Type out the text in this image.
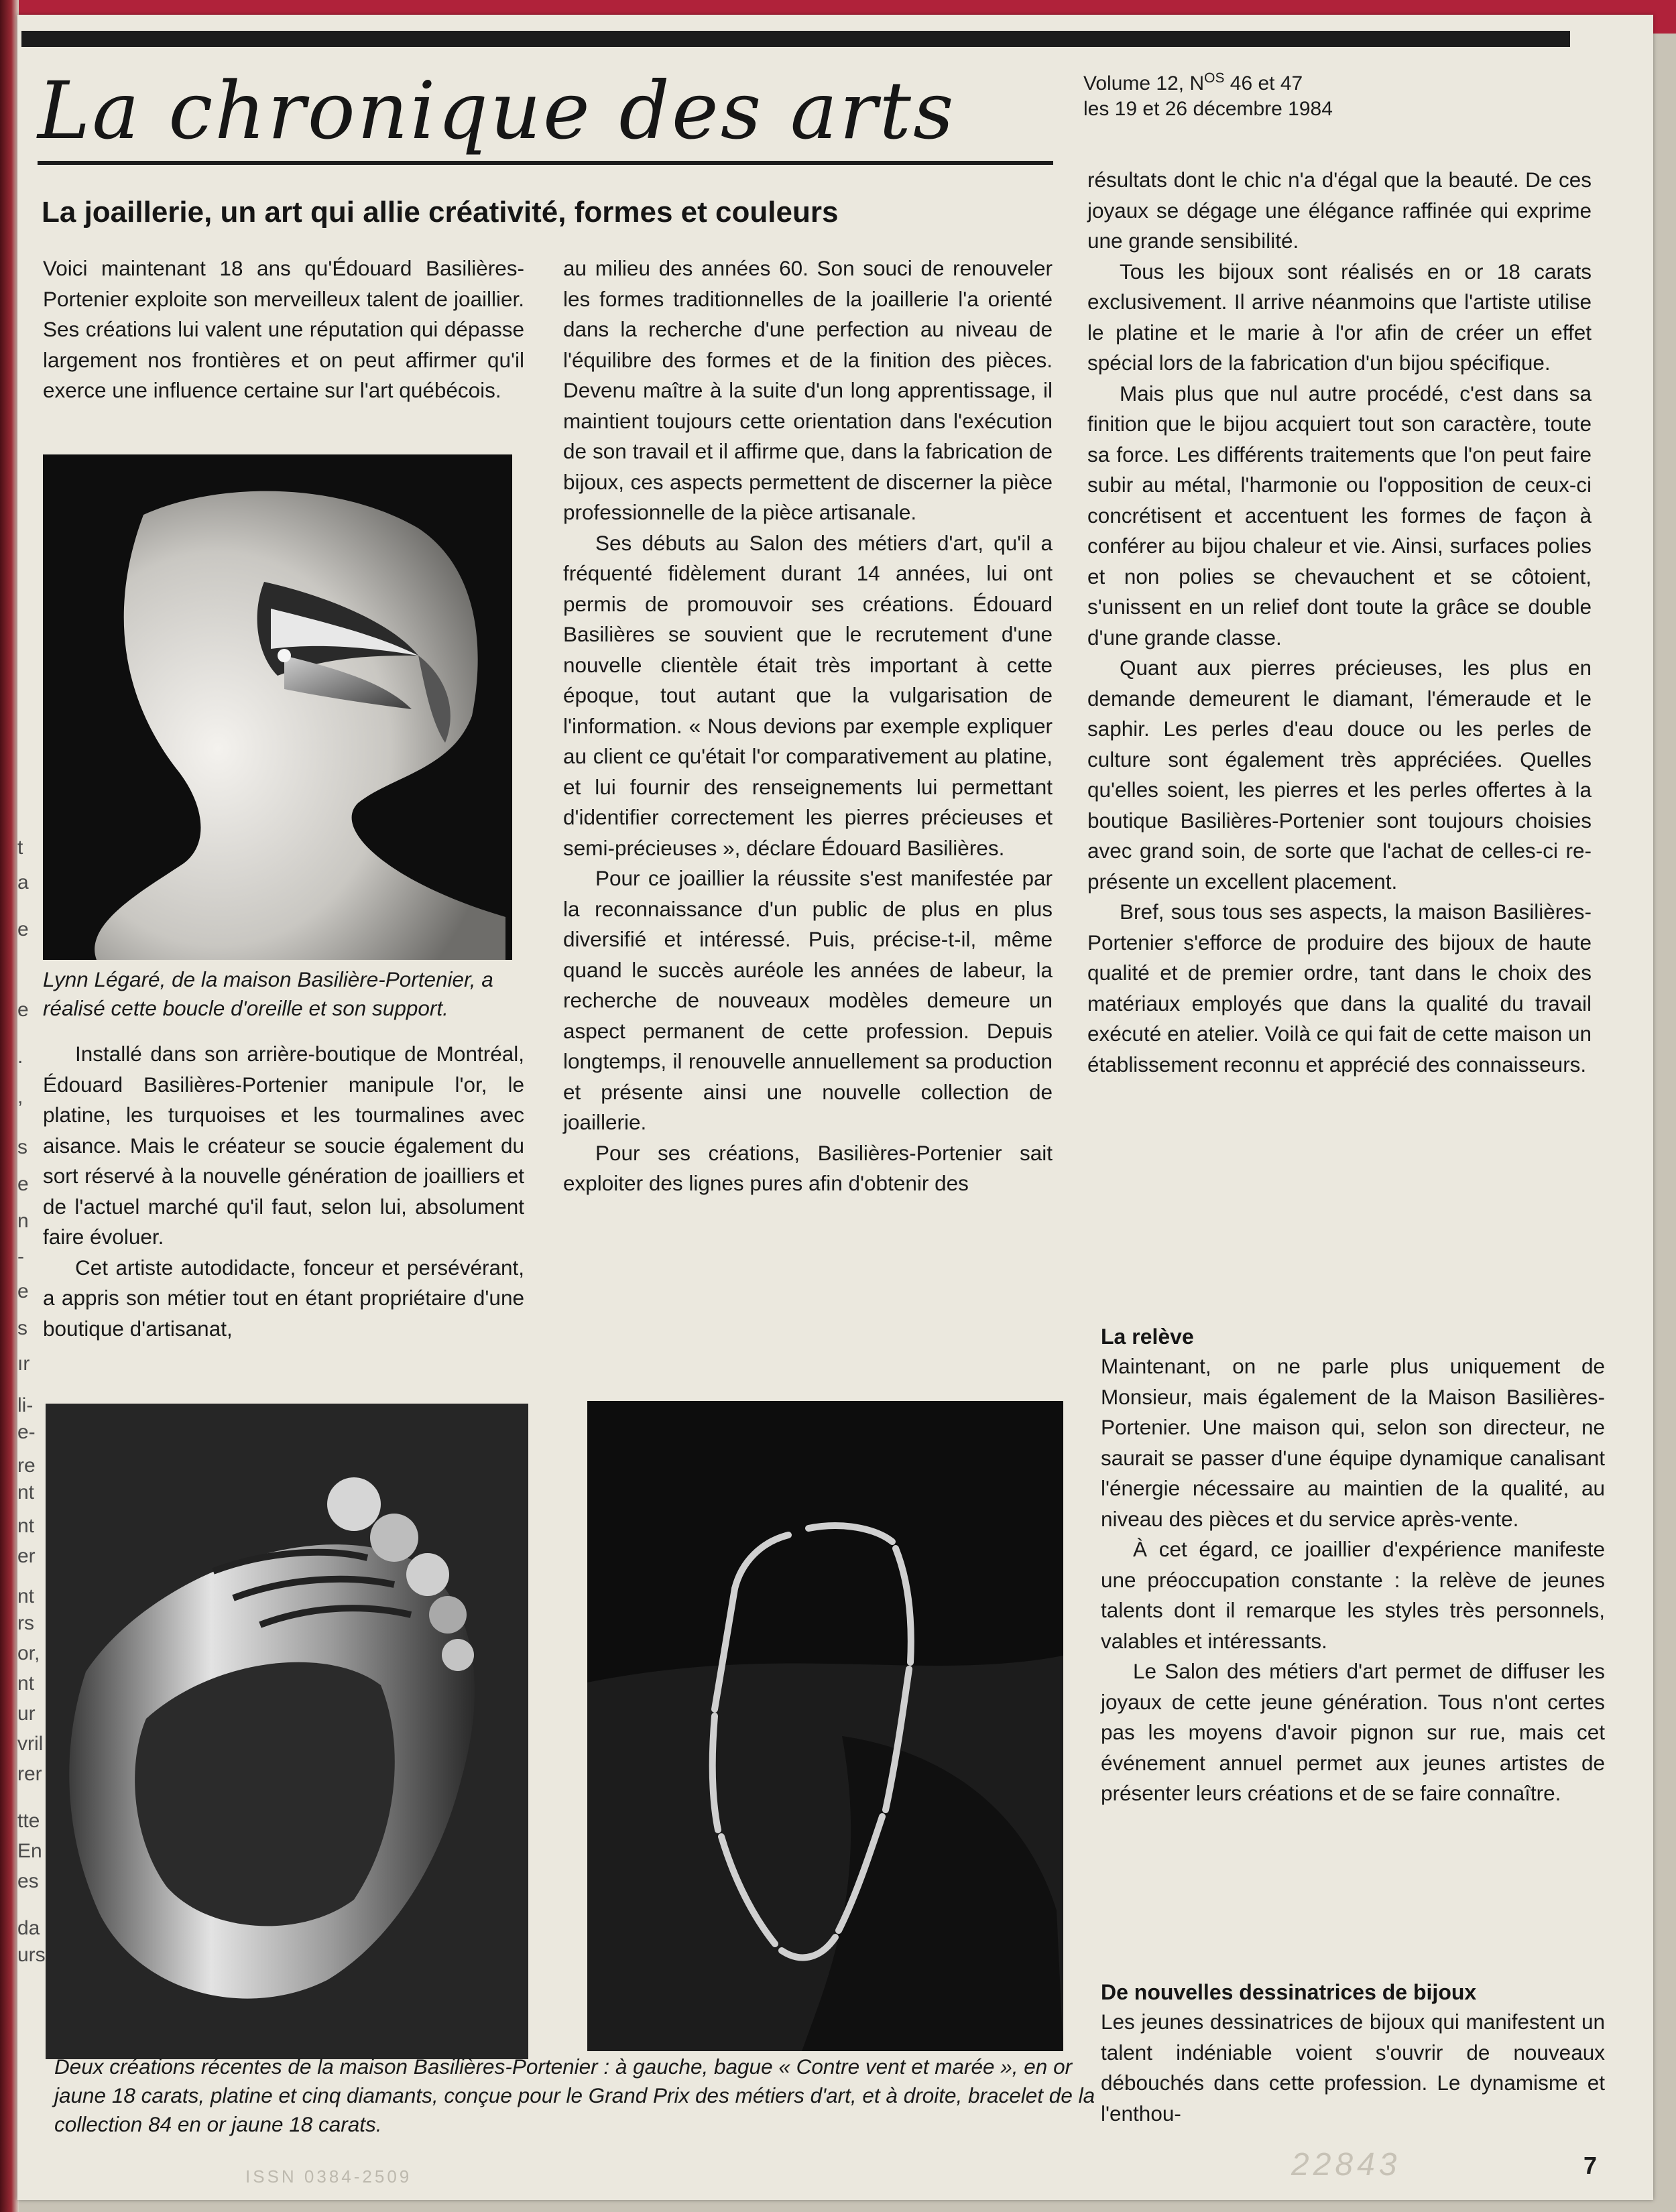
t
a
e
e
.
,
s
e
n
-
e
s
ır
li-
e-
re
nt
nt
er
nt
rs
or,
nt
ur
vril
rer
tte
En
es
da
urs
La chronique des arts	Volume 12, $N^{OS}$ 46 et 47
les 19 et 26 décembre 1984
La joaillerie, un art qui allie créativité, formes et couleurs

Voici maintenant 18 ans qu'Édouard Basilières-Portenier exploite son merveilleux talent de joaillier. Ses créations lui valent une réputation qui dépasse largement nos frontières et on peut affirmer qu'il exerce une influence certaine sur l'art québécois.

Lynn Légaré, de la maison Basilière-Portenier, a réalisé cette boucle d'oreille et son support.

Installé dans son arrière-boutique de Montréal, Édouard Basilières-Portenier manipule l'or, le platine, les turquoises et les tourmalines avec aisance. Mais le créateur se soucie également du sort réservé à la nouvelle génération de joailliers et de l'actuel marché qu'il faut, selon lui, absolument faire évoluer.

Cet artiste autodidacte, fonceur et persévérant, a appris son métier tout en étant propriétaire d'une boutique d'artisanat,

au milieu des années 60. Son souci de renouveler les formes traditionnelles de la joaillerie l'a orienté dans la recherche d'une perfection au niveau de l'équilibre des formes et de la finition des pièces. Devenu maître à la suite d'un long apprentissage, il maintient toujours cette orientation dans l'exécution de son travail et il affirme que, dans la fabrication de bijoux, ces aspects permettent de discerner la pièce professionnelle de la pièce artisanale.

Ses débuts au Salon des métiers d'art, qu'il a fréquenté fidèlement durant 14 années, lui ont permis de promouvoir ses créations. Édouard Basilières se souvient que le recrutement d'une nouvelle clientèle était très important à cette époque, tout autant que la vulgarisation de l'information. « Nous devions par exemple expliquer au client ce qu'était l'or comparativement au platine, et lui fournir des renseignements lui permettant d'identifier correctement les pierres précieuses et semi-précieuses », déclare Édouard Basilières.

Pour ce joaillier la réussite s'est manifestée par la reconnaissance d'un public de plus en plus diversifié et intéressé. Puis, précise-t-il, même quand le succès auréole les années de labeur, la recherche de nouveaux modèles demeure un aspect permanent de cette profession. Depuis longtemps, il renouvelle annuellement sa production et présente ainsi une nouvelle collection de joaillerie.

Pour ses créations, Basilières-Portenier sait exploiter des lignes pures afin d'obtenir des

Deux créations récentes de la maison Basilières-Portenier : à gauche, bague « Contre vent et marée », en or jaune 18 carats, platine et cinq diamants, conçue pour le Grand Prix des métiers d'art, et à droite, bracelet de la collection 84 en or jaune 18 carats.

résultats dont le chic n'a d'égal que la beauté. De ces joyaux se dégage une élégance raffinée qui exprime une grande sensibilité.

Tous les bijoux sont réalisés en or 18 carats exclusivement. Il arrive néanmoins que l'artiste utilise le platine et le marie à l'or afin de créer un effet spécial lors de la fabrication d'un bijou spécifique.

Mais plus que nul autre procédé, c'est dans sa finition que le bijou acquiert tout son caractère, toute sa force. Les différents traitements que l'on peut faire subir au métal, l'harmonie ou l'opposition de ceux-ci concrétisent et accentuent les formes de façon à conférer au bijou chaleur et vie. Ainsi, surfaces polies et non polies se chevauchent et se côtoient, s'unissent en un relief dont toute la grâce se double d'une grande classe.

Quant aux pierres précieuses, les plus en demande demeurent le diamant, l'émeraude et le saphir. Les perles d'eau douce ou les perles de culture sont également très appréciées. Quelles qu'elles soient, les pierres et les perles offertes à la boutique Basilières-Portenier sont toujours choisies avec grand soin, de sorte que l'achat de celles-ci représente un excellent placement.

Bref, sous tous ses aspects, la maison Basilières-Portenier s'efforce de produire des bijoux de haute qualité et de premier ordre, tant dans le choix des matériaux employés que dans la qualité du travail exécuté en atelier. Voilà ce qui fait de cette maison un établissement reconnu et apprécié des connaisseurs.

La relève

Maintenant, on ne parle plus uniquement de Monsieur, mais également de la Maison Basilières-Portenier. Une maison qui, selon son directeur, ne saurait se passer d'une équipe dynamique canalisant l'énergie nécessaire au maintien de la qualité, au niveau des pièces et du service après-vente.

À cet égard, ce joaillier d'expérience manifeste une préoccupation constante : la relève de jeunes talents dont il remarque les styles très personnels, valables et intéressants.

Le Salon des métiers d'art permet de diffuser les joyaux de cette jeune génération. Tous n'ont certes pas les moyens d'avoir pignon sur rue, mais cet événement annuel permet aux jeunes artistes de présenter leurs créations et de se faire connaître.

De nouvelles dessinatrices de bijoux

Les jeunes dessinatrices de bijoux qui manifestent un talent indéniable voient s'ouvrir de nouveaux débouchés dans cette profession. Le dynamisme et l'enthou-

ISSN 0384-2509	22843	7
